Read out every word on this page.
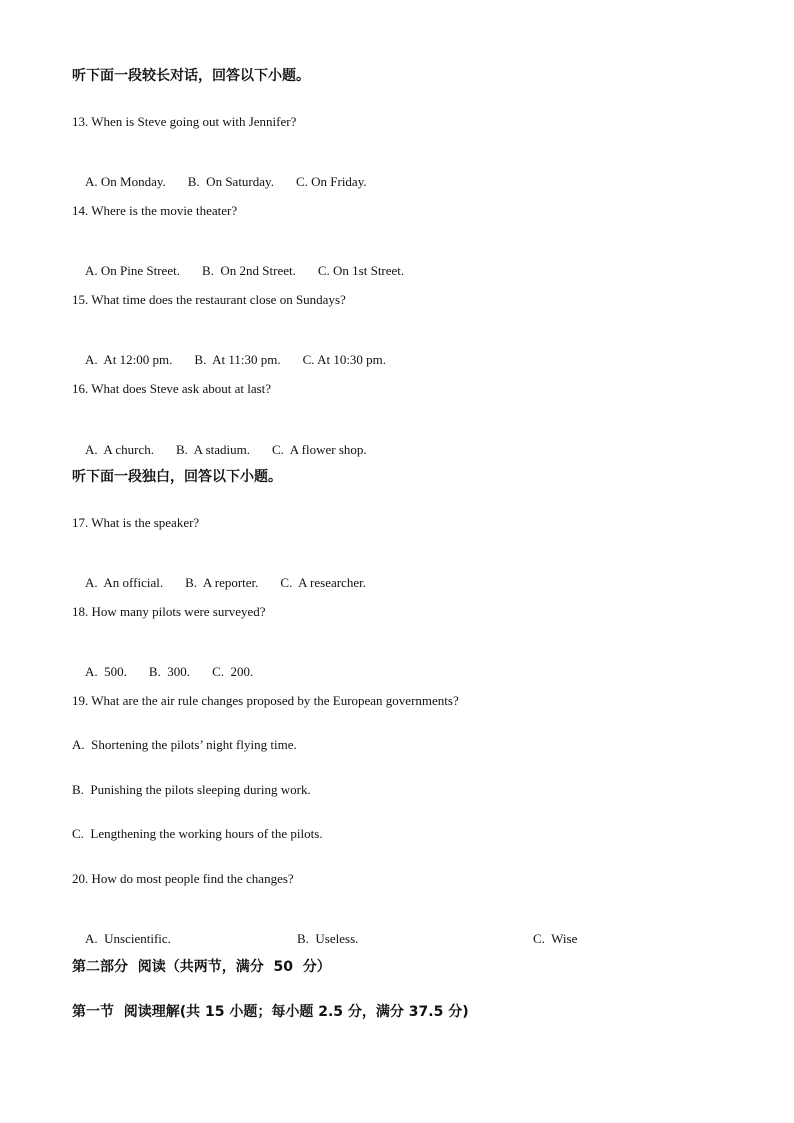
听下面一段较长对话，回答以下小题。
13. When is Steve going out with Jennifer?

A. On Monday. B.  On Saturday. C. On Friday.

14. Where is the movie theater?

A. On Pine Street. B.  On 2nd Street. C. On 1st Street.

15. What time does the restaurant close on Sundays?

A.  At 12:00 pm. B.  At 11:30 pm. C. At 10:30 pm.

16. What does Steve ask about at last?

A.  A church. B.  A stadium. C.  A flower shop.

听下面一段独白，回答以下小题。
17. What is the speaker?

A.  An official. B.  A reporter. C.  A researcher.

18. How many pilots were surveyed?

A.  500. B.  300. C.  200.

19. What are the air rule changes proposed by the European governments?
A.  Shortening the pilots’ night flying time.
B.  Punishing the pilots sleeping during work.
C.  Lengthening the working hours of the pilots.
20. How do most people find the changes?

A.  Unscientific.	B.  Useless.	C.  Wise

第二部分  阅读（共两节，满分  50  分）
第一节  阅读理解(共 15 小题；每小题 2.5 分，满分 37.5 分)
